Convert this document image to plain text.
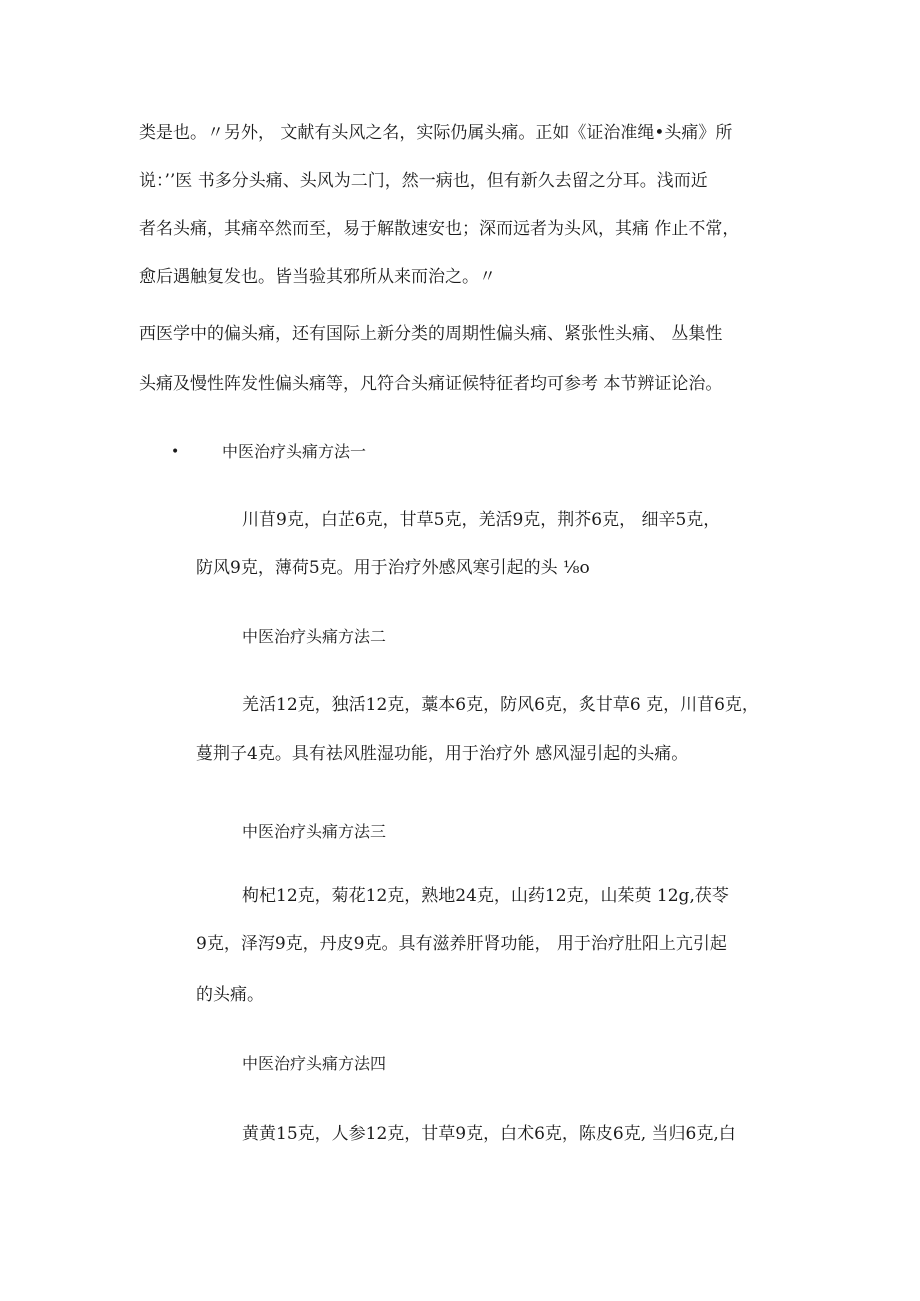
类是也。〃另外， 文献有头风之名，实际仍属头痛。正如《证治准绳•头痛》所
说：’’医 书多分头痛、头风为二门，然一病也，但有新久去留之分耳。浅而近
者名头痛，其痛卒然而至，易于解散速安也；深而远者为头风，其痛 作止不常，
愈后遇触复发也。皆当验其邪所从来而治之。〃
西医学中的偏头痛，还有国际上新分类的周期性偏头痛、紧张性头痛、 丛集性
头痛及慢性阵发性偏头痛等，凡符合头痛证候特征者均可参考 本节辨证论治。
•	中医治疗头痛方法一
川苜9克，白芷6克，甘草5克，羌活9克，荆芥6克， 细辛5克，
防风9克，薄荷5克。用于治疗外感风寒引起的头 ⅛o
中医治疗头痛方法二
羌活12克，独活12克，藁本6克，防风6克，炙甘草6 克，川苜6克，
蔓荆子4克。具有祛风胜湿功能，用于治疗外 感风湿引起的头痛。
中医治疗头痛方法三
枸杞12克，菊花12克，熟地24克，山药12克，山茱萸 12g,茯苓
9克，泽泻9克，丹皮9克。具有滋养肝肾功能， 用于治疗肚阳上亢引起
的头痛。
中医治疗头痛方法四
黄黄15克，人参12克，甘草9克，白术6克，陈皮6克, 当归6克,白
